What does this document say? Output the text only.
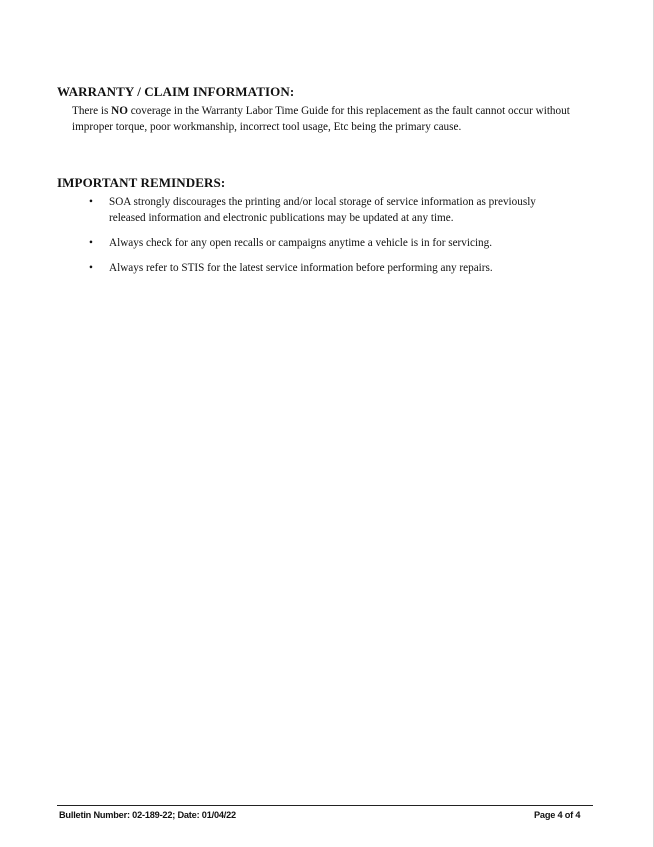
WARRANTY / CLAIM INFORMATION:

There is NO coverage in the Warranty Labor Time Guide for this replacement as the fault cannot occur without improper torque, poor workmanship, incorrect tool usage, Etc being the primary cause.

IMPORTANT REMINDERS:
• SOA strongly discourages the printing and/or local storage of service information as previously released information and electronic publications may be updated at any time.
• Always check for any open recalls or campaigns anytime a vehicle is in for servicing.
• Always refer to STIS for the latest service information before performing any repairs.
Bulletin Number: 02-189-22; Date: 01/04/22	Page 4 of 4
